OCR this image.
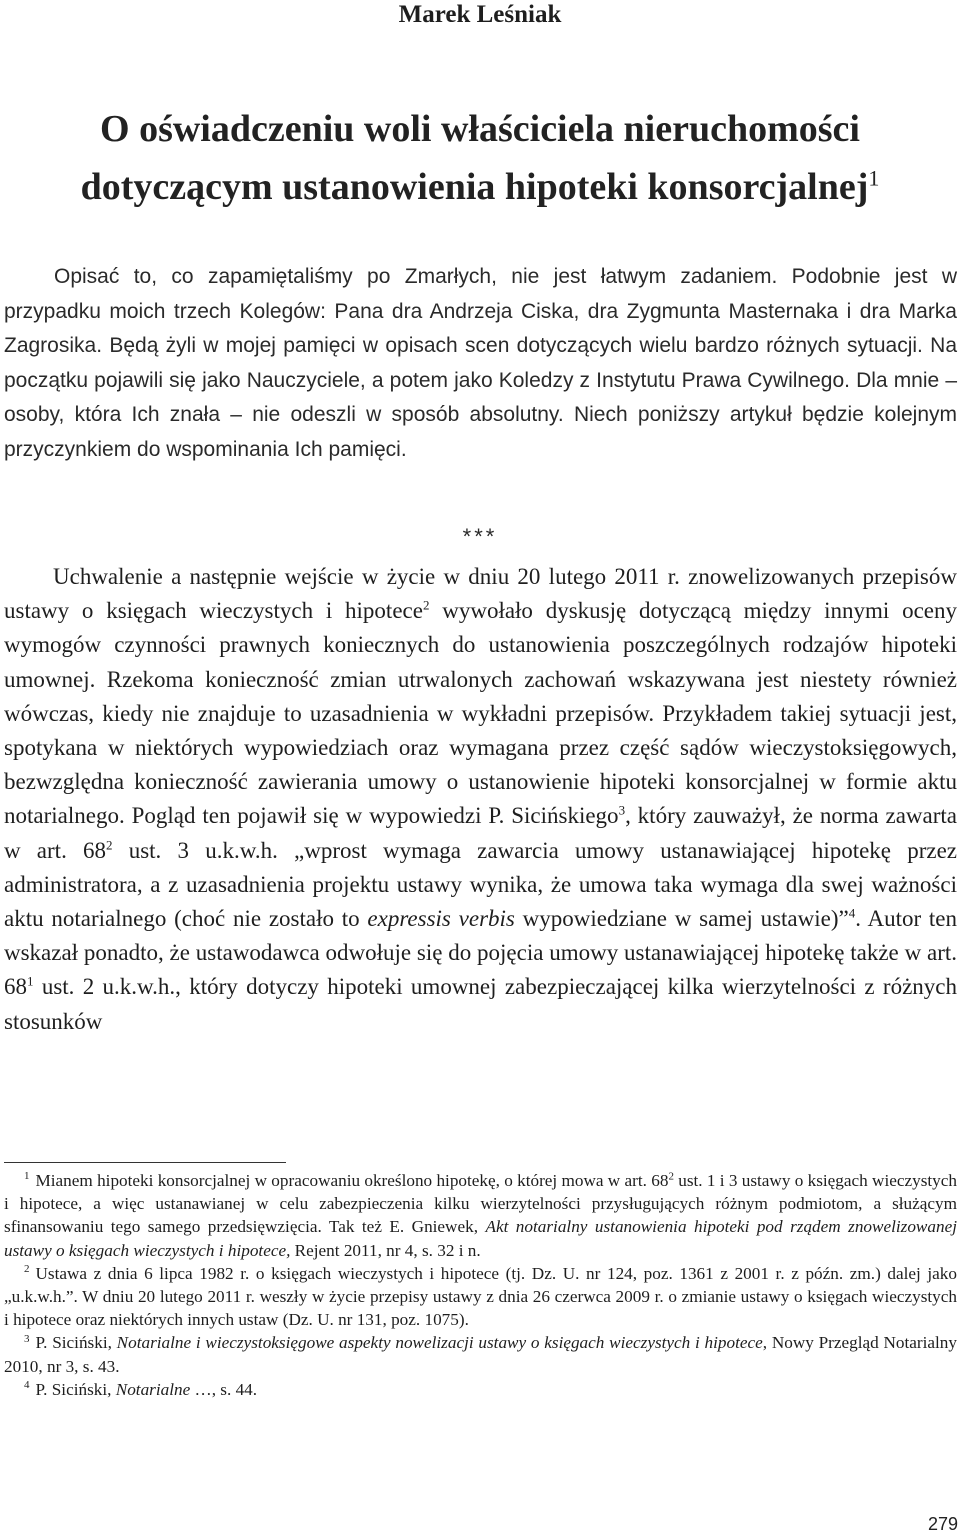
Marek Leśniak
O oświadczeniu woli właściciela nieruchomości
dotyczącym ustanowienia hipoteki konsorcjalnej$^1$

Opisać to, co zapamiętaliśmy po Zmarłych, nie jest łatwym zadaniem. Podobnie jest w przypadku moich trzech Kolegów: Pana dra Andrzeja Ciska, dra Zygmunta Masternaka i dra Marka Zagrosika. Będą żyli w mojej pamięci w opisach scen dotyczących wielu bardzo różnych sytuacji. Na początku pojawili się jako Nauczyciele, a potem jako Koledzy z Instytutu Prawa Cywilnego. Dla mnie – osoby, która Ich znała – nie odeszli w sposób absolutny. Niech poniższy artykuł będzie kolejnym przyczynkiem do wspominania Ich pamięci.

***

Uchwalenie a następnie wejście w życie w dniu 20 lutego 2011 r. znowelizowanych przepisów ustawy o księgach wieczystych i hipotece$^2$ wywołało dyskusję dotyczącą między innymi oceny wymogów czynności prawnych koniecznych do ustanowienia poszczególnych rodzajów hipoteki umownej. Rzekoma konieczność zmian utrwalonych zachowań wskazywana jest niestety również wówczas, kiedy nie znajduje to uzasadnienia w wykładni przepisów. Przykładem takiej sytuacji jest, spotykana w niektórych wypowiedziach oraz wymagana przez część sądów wieczystoksięgowych, bezwzględna konieczność zawierania umowy o ustanowienie hipoteki konsorcjalnej w formie aktu notarialnego. Pogląd ten pojawił się w wypowiedzi P. Sicińskiego$^3$, który zauważył, że norma zawarta w art. 68$^2$ ust. 3 u.k.w.h. „wprost wymaga zawarcia umowy ustanawiającej hipotekę przez administratora, a z uzasadnienia projektu ustawy wynika, że umowa taka wymaga dla swej ważności aktu notarialnego (choć nie zostało to expressis verbis wypowiedziane w samej ustawie)”$^4$. Autor ten wskazał ponadto, że ustawodawca odwołuje się do pojęcia umowy ustanawiającej hipotekę także w art. 68$^1$ ust. 2 u.k.w.h., który dotyczy hipoteki umownej zabezpieczającej kilka wierzytelności z różnych stosunków

$^1$ Mianem hipoteki konsorcjalnej w opracowaniu określono hipotekę, o której mowa w art. $68^2$ ust. 1 i 3 ustawy o księgach wieczystych i hipotece, a więc ustanawianej w celu zabezpieczenia kilku wierzytelności przysługujących różnym podmiotom, a służącym sfinansowaniu tego samego przedsięwzięcia. Tak też E. Gniewek, Akt notarialny ustanowienia hipoteki pod rządem znowelizowanej ustawy o księgach wieczystych i hipotece, Rejent 2011, nr 4, s. 32 i n.

$^2$ Ustawa z dnia 6 lipca 1982 r. o księgach wieczystych i hipotece (tj. Dz. U. nr 124, poz. 1361 z 2001 r. z późn. zm.) dalej jako „u.k.w.h.”. W dniu 20 lutego 2011 r. weszły w życie przepisy ustawy z dnia 26 czerwca 2009 r. o zmianie ustawy o księgach wieczystych i hipotece oraz niektórych innych ustaw (Dz. U. nr 131, poz. 1075).

$^3$ P. Siciński, Notarialne i wieczystoksięgowe aspekty nowelizacji ustawy o księgach wieczystych i hipotece, Nowy Przegląd Notarialny 2010, nr 3, s. 43.

$^4$ P. Siciński, Notarialne …, s. 44.

279
